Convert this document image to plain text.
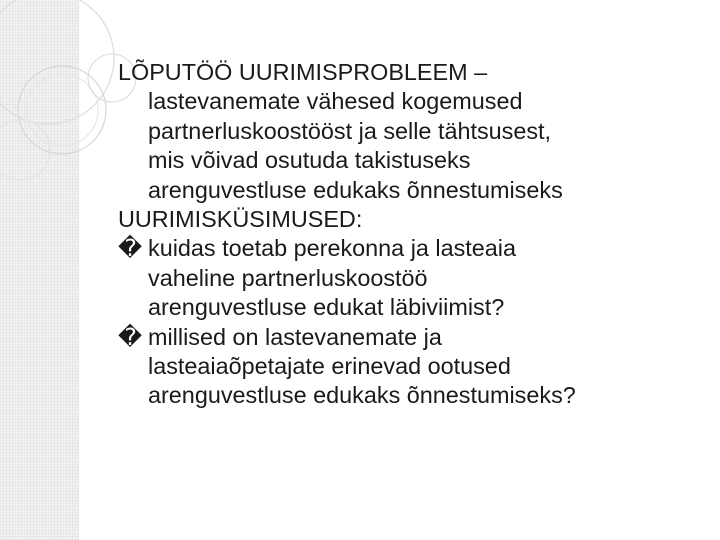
LÕPUTÖÖ UURIMISPROBLEEM –

lastevanemate vähesed kogemused

partnerluskoostööst ja selle tähtsusest,

mis võivad osutuda takistuseks

arenguvestluse edukaks õnnestumiseks

UURIMISKÜSIMUSED:

� kuidas toetab perekonna ja lasteaia

vaheline partnerluskoostöö

arenguvestluse edukat läbiviimist?

� millised on lastevanemate ja

lasteaiaõpetajate erinevad ootused

arenguvestluse edukaks õnnestumiseks?
